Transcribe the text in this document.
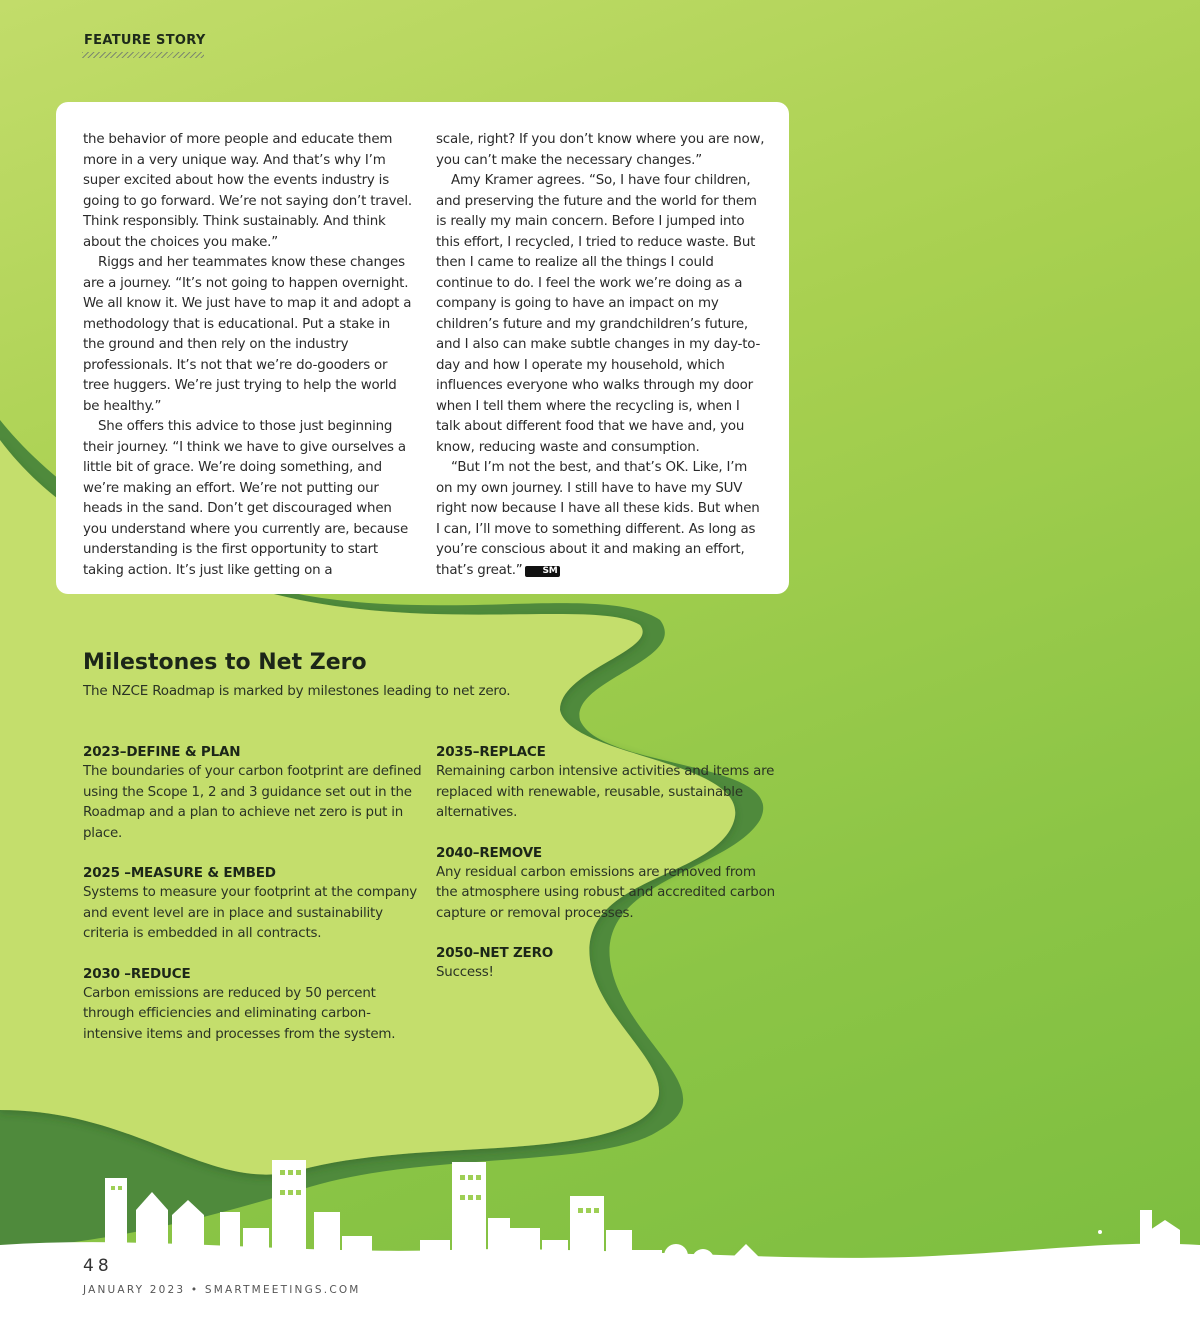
FEATURE STORY

the behavior of more people and educate them more in a very unique way. And that’s why I’m super excited about how the events industry is going to go forward. We’re not saying don’t travel. Think responsibly. Think sustainably. And think about the choices you make.”

Riggs and her teammates know these changes are a journey. “It’s not going to happen overnight. We all know it. We just have to map it and adopt a methodology that is educational. Put a stake in the ground and then rely on the industry professionals. It’s not that we’re do-gooders or tree huggers. We’re just trying to help the world be healthy.”

She offers this advice to those just beginning their journey. “I think we have to give ourselves a little bit of grace. We’re doing something, and we’re making an effort. We’re not putting our heads in the sand. Don’t get discouraged when you understand where you currently are, because understanding is the first opportunity to start taking action. It’s just like getting on a

scale, right? If you don’t know where you are now, you can’t make the necessary changes.”

Amy Kramer agrees. “So, I have four children, and preserving the future and the world for them is really my main concern. Before I jumped into this effort, I recycled, I tried to reduce waste. But then I came to realize all the things I could continue to do. I feel the work we’re doing as a company is going to have an impact on my children’s future and my grandchildren’s future, and I also can make subtle changes in my day-to-day and how I operate my household, which influences everyone who walks through my door when I tell them where the recycling is, when I talk about different food that we have and, you know, reducing waste and consumption.

“But I’m not the best, and that’s OK. Like, I’m on my own journey. I still have to have my SUV right now because I have all these kids. But when I can, I’ll move to something different. As long as you’re conscious about it and making an effort, that’s great.” SM

Milestones to Net Zero
The NZCE Roadmap is marked by milestones leading to net zero.
2023–DEFINE & PLAN
The boundaries of your carbon footprint are defined using the Scope 1, 2 and 3 guidance set out in the Roadmap and a plan to achieve net zero is put in place.
2025 –MEASURE & EMBED
Systems to measure your footprint at the company and event level are in place and sustainability criteria is embedded in all contracts.
2030 –REDUCE
Carbon emissions are reduced by 50 percent through efficiencies and eliminating carbon-intensive items and processes from the system.
2035–REPLACE
Remaining carbon intensive activities and items are replaced with renewable, reusable, sustainable alternatives.
2040–REMOVE
Any residual carbon emissions are removed from the atmosphere using robust and accredited carbon capture or removal processes.
2050–NET ZERO
Success!
48
JANUARY 2023 • SMARTMEETINGS.COM
